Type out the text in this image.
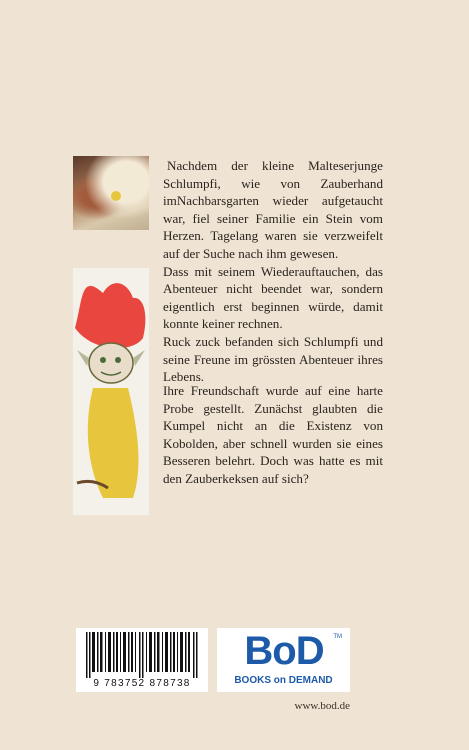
Nachdem der kleine Malteserjunge Schlumpfi, wie von Zauberhand imNachbarsgarten wieder aufgetaucht war, fiel seiner Familie ein Stein vom Herzen. Tagelang waren sie verzweifelt auf der Suche nach ihm gewesen.

Dass mit seinem Wiederauftauchen, das Abenteuer nicht beendet war, sondern eigentlich erst beginnen würde, damit konnte keiner rechnen.

Ruck zuck befanden sich Schlumpfi und seine Freune im grössten Abenteuer ihres Lebens.

Ihre Freundschaft wurde auf eine harte Probe gestellt. Zunächst glaubten die Kumpel nicht an die Existenz von Kobolden, aber schnell wurden sie eines Besseren belehrt. Doch was hatte es mit den Zauberkeksen auf sich?

9 783752 878738
BoD	TM
BOOKS on DEMAND
www.bod.de
